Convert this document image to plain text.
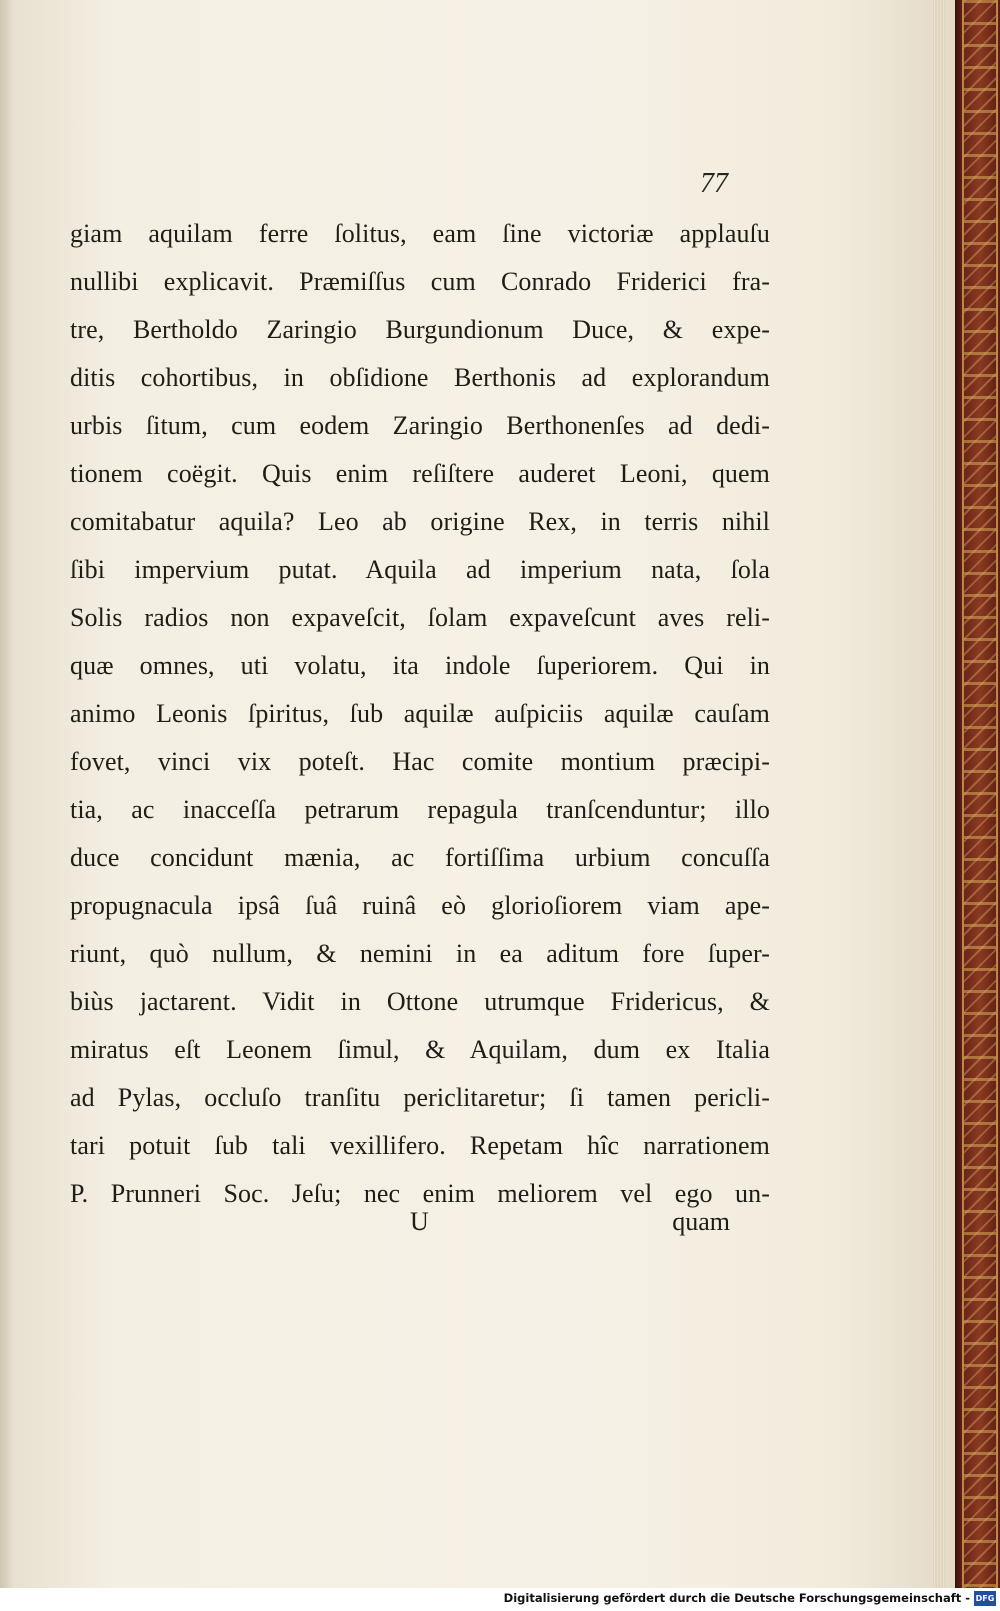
77
giam aquilam ferre ſolitus, eam ſine victoriæ applauſu
nullibi explicavit. Præmiſſus cum Conrado Friderici fra-
tre, Bertholdo Zaringio Burgundionum Duce, & expe-
ditis cohortibus, in obſidione Berthonis ad explorandum
urbis ſitum, cum eodem Zaringio Berthonenſes ad dedi-
tionem coëgit. Quis enim reſiſtere auderet Leoni, quem
comitabatur aquila? Leo ab origine Rex, in terris nihil
ſibi impervium putat. Aquila ad imperium nata, ſola
Solis radios non expaveſcit, ſolam expaveſcunt aves reli-
quæ omnes, uti volatu, ita indole ſuperiorem. Qui in
animo Leonis ſpiritus, ſub aquilæ auſpiciis aquilæ cauſam
fovet, vinci vix poteſt. Hac comite montium præcipi-
tia, ac inacceſſa petrarum repagula tranſcenduntur; illo
duce concidunt mænia, ac fortiſſima urbium concuſſa
propugnacula ipsâ ſuâ ruinâ eò glorioſiorem viam ape-
riunt, quò nullum, & nemini in ea aditum fore ſuper-
biùs jactarent. Vidit in Ottone utrumque Fridericus, &
miratus eſt Leonem ſimul, & Aquilam, dum ex Italia
ad Pylas, occluſo tranſitu periclitaretur; ſi tamen pericli-
tari potuit ſub tali vexillifero. Repetam hîc narrationem
P. Prunneri Soc. Jeſu; nec enim meliorem vel ego un-
U	quam
Digitalisierung gefördert durch die Deutsche Forschungsgemeinschaft - DFG
